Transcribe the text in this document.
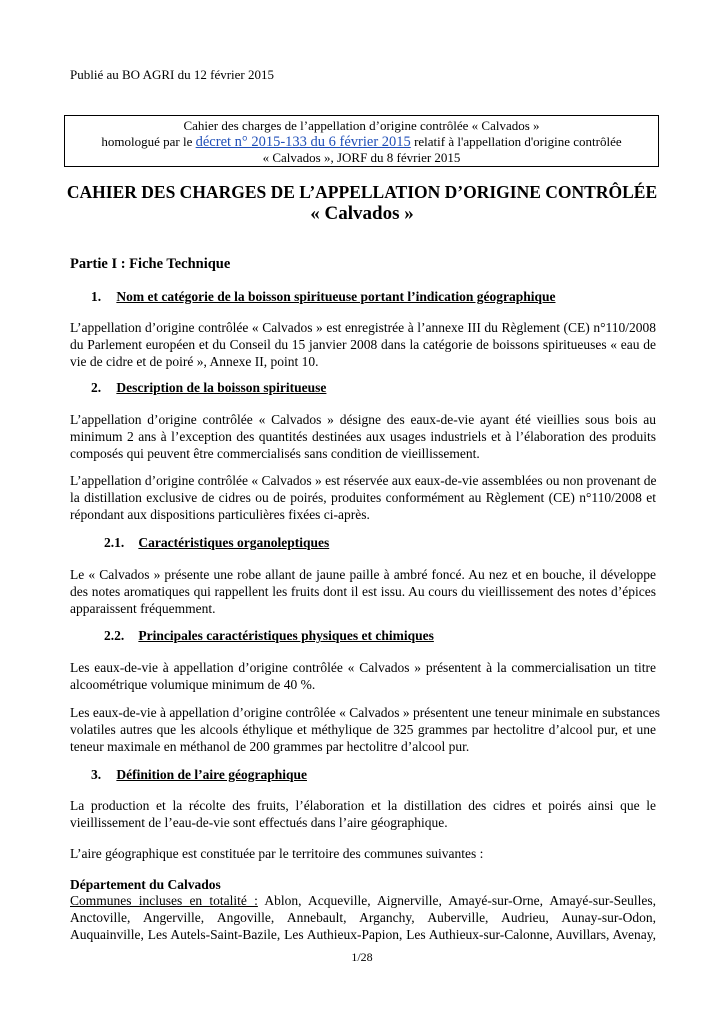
Publié au BO AGRI du 12 février 2015
Cahier des charges de l’appellation d’origine contrôlée « Calvados »
homologué par le décret n° 2015-133 du 6 février 2015 relatif à l'appellation d'origine contrôlée
« Calvados », JORF du 8 février 2015
CAHIER DES CHARGES DE L’APPELLATION D’ORIGINE CONTRÔLÉE
« Calvados »
Partie I : Fiche Technique
1. Nom et catégorie de la boisson spiritueuse portant l’indication géographique
L’appellation d’origine contrôlée « Calvados » est enregistrée à l’annexe III du Règlement (CE) n°110/2008
du Parlement européen et du Conseil du 15 janvier 2008 dans la catégorie de boissons spiritueuses « eau de
vie de cidre et de poiré », Annexe II, point 10.
2. Description de la boisson spiritueuse
L’appellation d’origine contrôlée « Calvados » désigne des eaux-de-vie ayant été vieillies sous bois au
minimum 2 ans à l’exception des quantités destinées aux usages industriels et à l’élaboration des produits
composés qui peuvent être commercialisés sans condition de vieillissement.
L’appellation d’origine contrôlée « Calvados » est réservée aux eaux-de-vie assemblées ou non provenant de
la distillation exclusive de cidres ou de poirés, produites conformément au Règlement (CE) n°110/2008 et
répondant aux dispositions particulières fixées ci-après.
2.1. Caractéristiques organoleptiques
Le « Calvados » présente une robe allant de jaune paille à ambré foncé. Au nez et en bouche, il développe
des notes aromatiques qui rappellent les fruits dont il est issu. Au cours du vieillissement des notes d’épices
apparaissent fréquemment.
2.2. Principales caractéristiques physiques et chimiques
Les eaux-de-vie à appellation d’origine contrôlée « Calvados » présentent à la commercialisation un titre
alcoométrique volumique minimum de 40 %.
Les eaux-de-vie à appellation d’origine contrôlée « Calvados » présentent une teneur minimale en substances
volatiles autres que les alcools éthylique et méthylique de 325 grammes par hectolitre d’alcool pur, et une
teneur maximale en méthanol de 200 grammes par hectolitre d’alcool pur.
3. Définition de l’aire géographique
La production et la récolte des fruits, l’élaboration et la distillation des cidres et poirés ainsi que le
vieillissement de l’eau-de-vie sont effectués dans l’aire géographique.
L’aire géographique est constituée par le territoire des communes suivantes :
Département du Calvados
Communes incluses en totalité : Ablon, Acqueville, Aignerville, Amayé-sur-Orne, Amayé-sur-Seulles,
Anctoville, Angerville, Angoville, Annebault, Arganchy, Auberville, Audrieu, Aunay-sur-Odon,
Auquainville, Les Autels-Saint-Bazile, Les Authieux-Papion, Les Authieux-sur-Calonne, Auvillars, Avenay,
1/28
